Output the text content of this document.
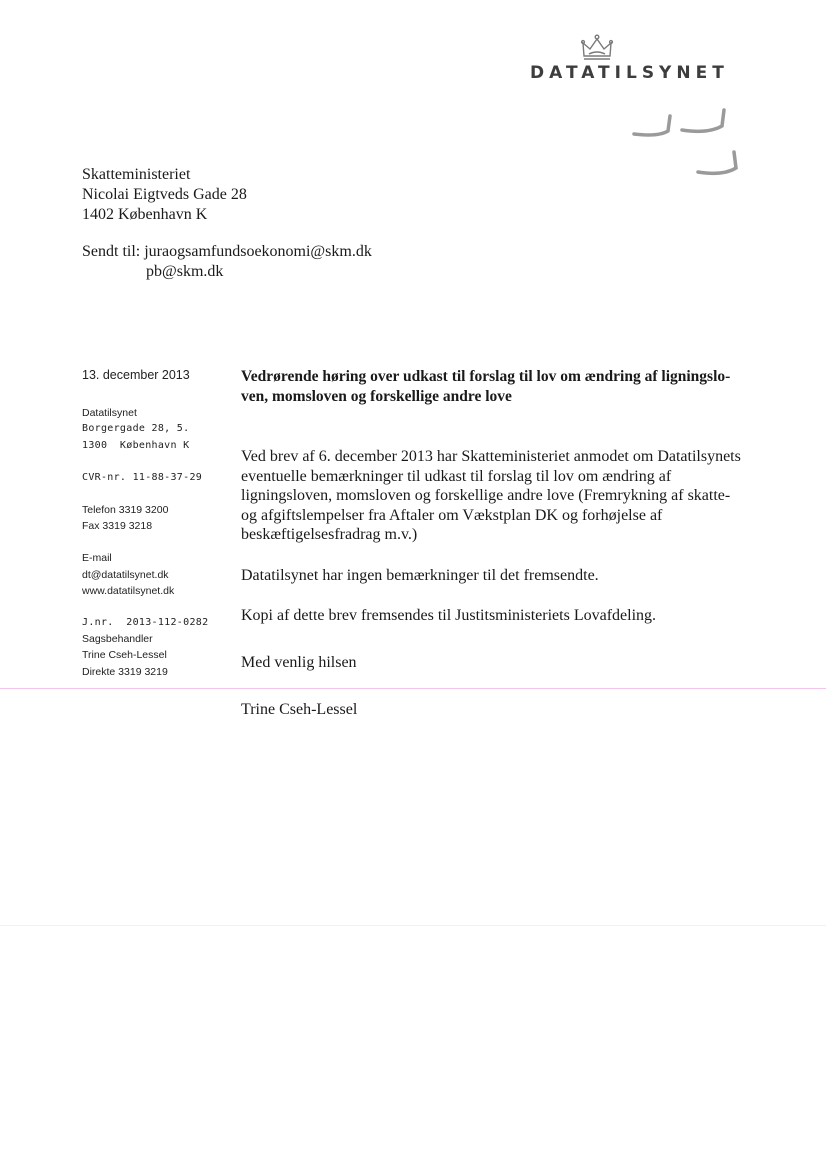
DATATILSYNET
Skatteministeriet
Nicolai Eigtveds Gade 28
1402 København K
Sendt til: juraogsamfundsoekonomi@skm.dk
pb@skm.dk
13. december 2013
Datatilsynet
Borgergade 28, 5.
1300  København K
CVR-nr. 11-88-37-29
Telefon 3319 3200
Fax 3319 3218
E-mail
dt@datatilsynet.dk
www.datatilsynet.dk
J.nr.  2013-112-0282
Sagsbehandler
Trine Cseh-Lessel
Direkte 3319 3219
Vedrørende høring over udkast til forslag til lov om ændring af ligningslo-
ven, momsloven og forskellige andre love
Ved brev af 6. december 2013 har Skatteministeriet anmodet om Datatilsynets
eventuelle bemærkninger til udkast til forslag til lov om ændring af
ligningsloven, momsloven og forskellige andre love (Fremrykning af skatte-
og afgiftslempelser fra Aftaler om Vækstplan DK og forhøjelse af
beskæftigelsesfradrag m.v.)
Datatilsynet har ingen bemærkninger til det fremsendte.
Kopi af dette brev fremsendes til Justitsministeriets Lovafdeling.
Med venlig hilsen
Trine Cseh-Lessel
